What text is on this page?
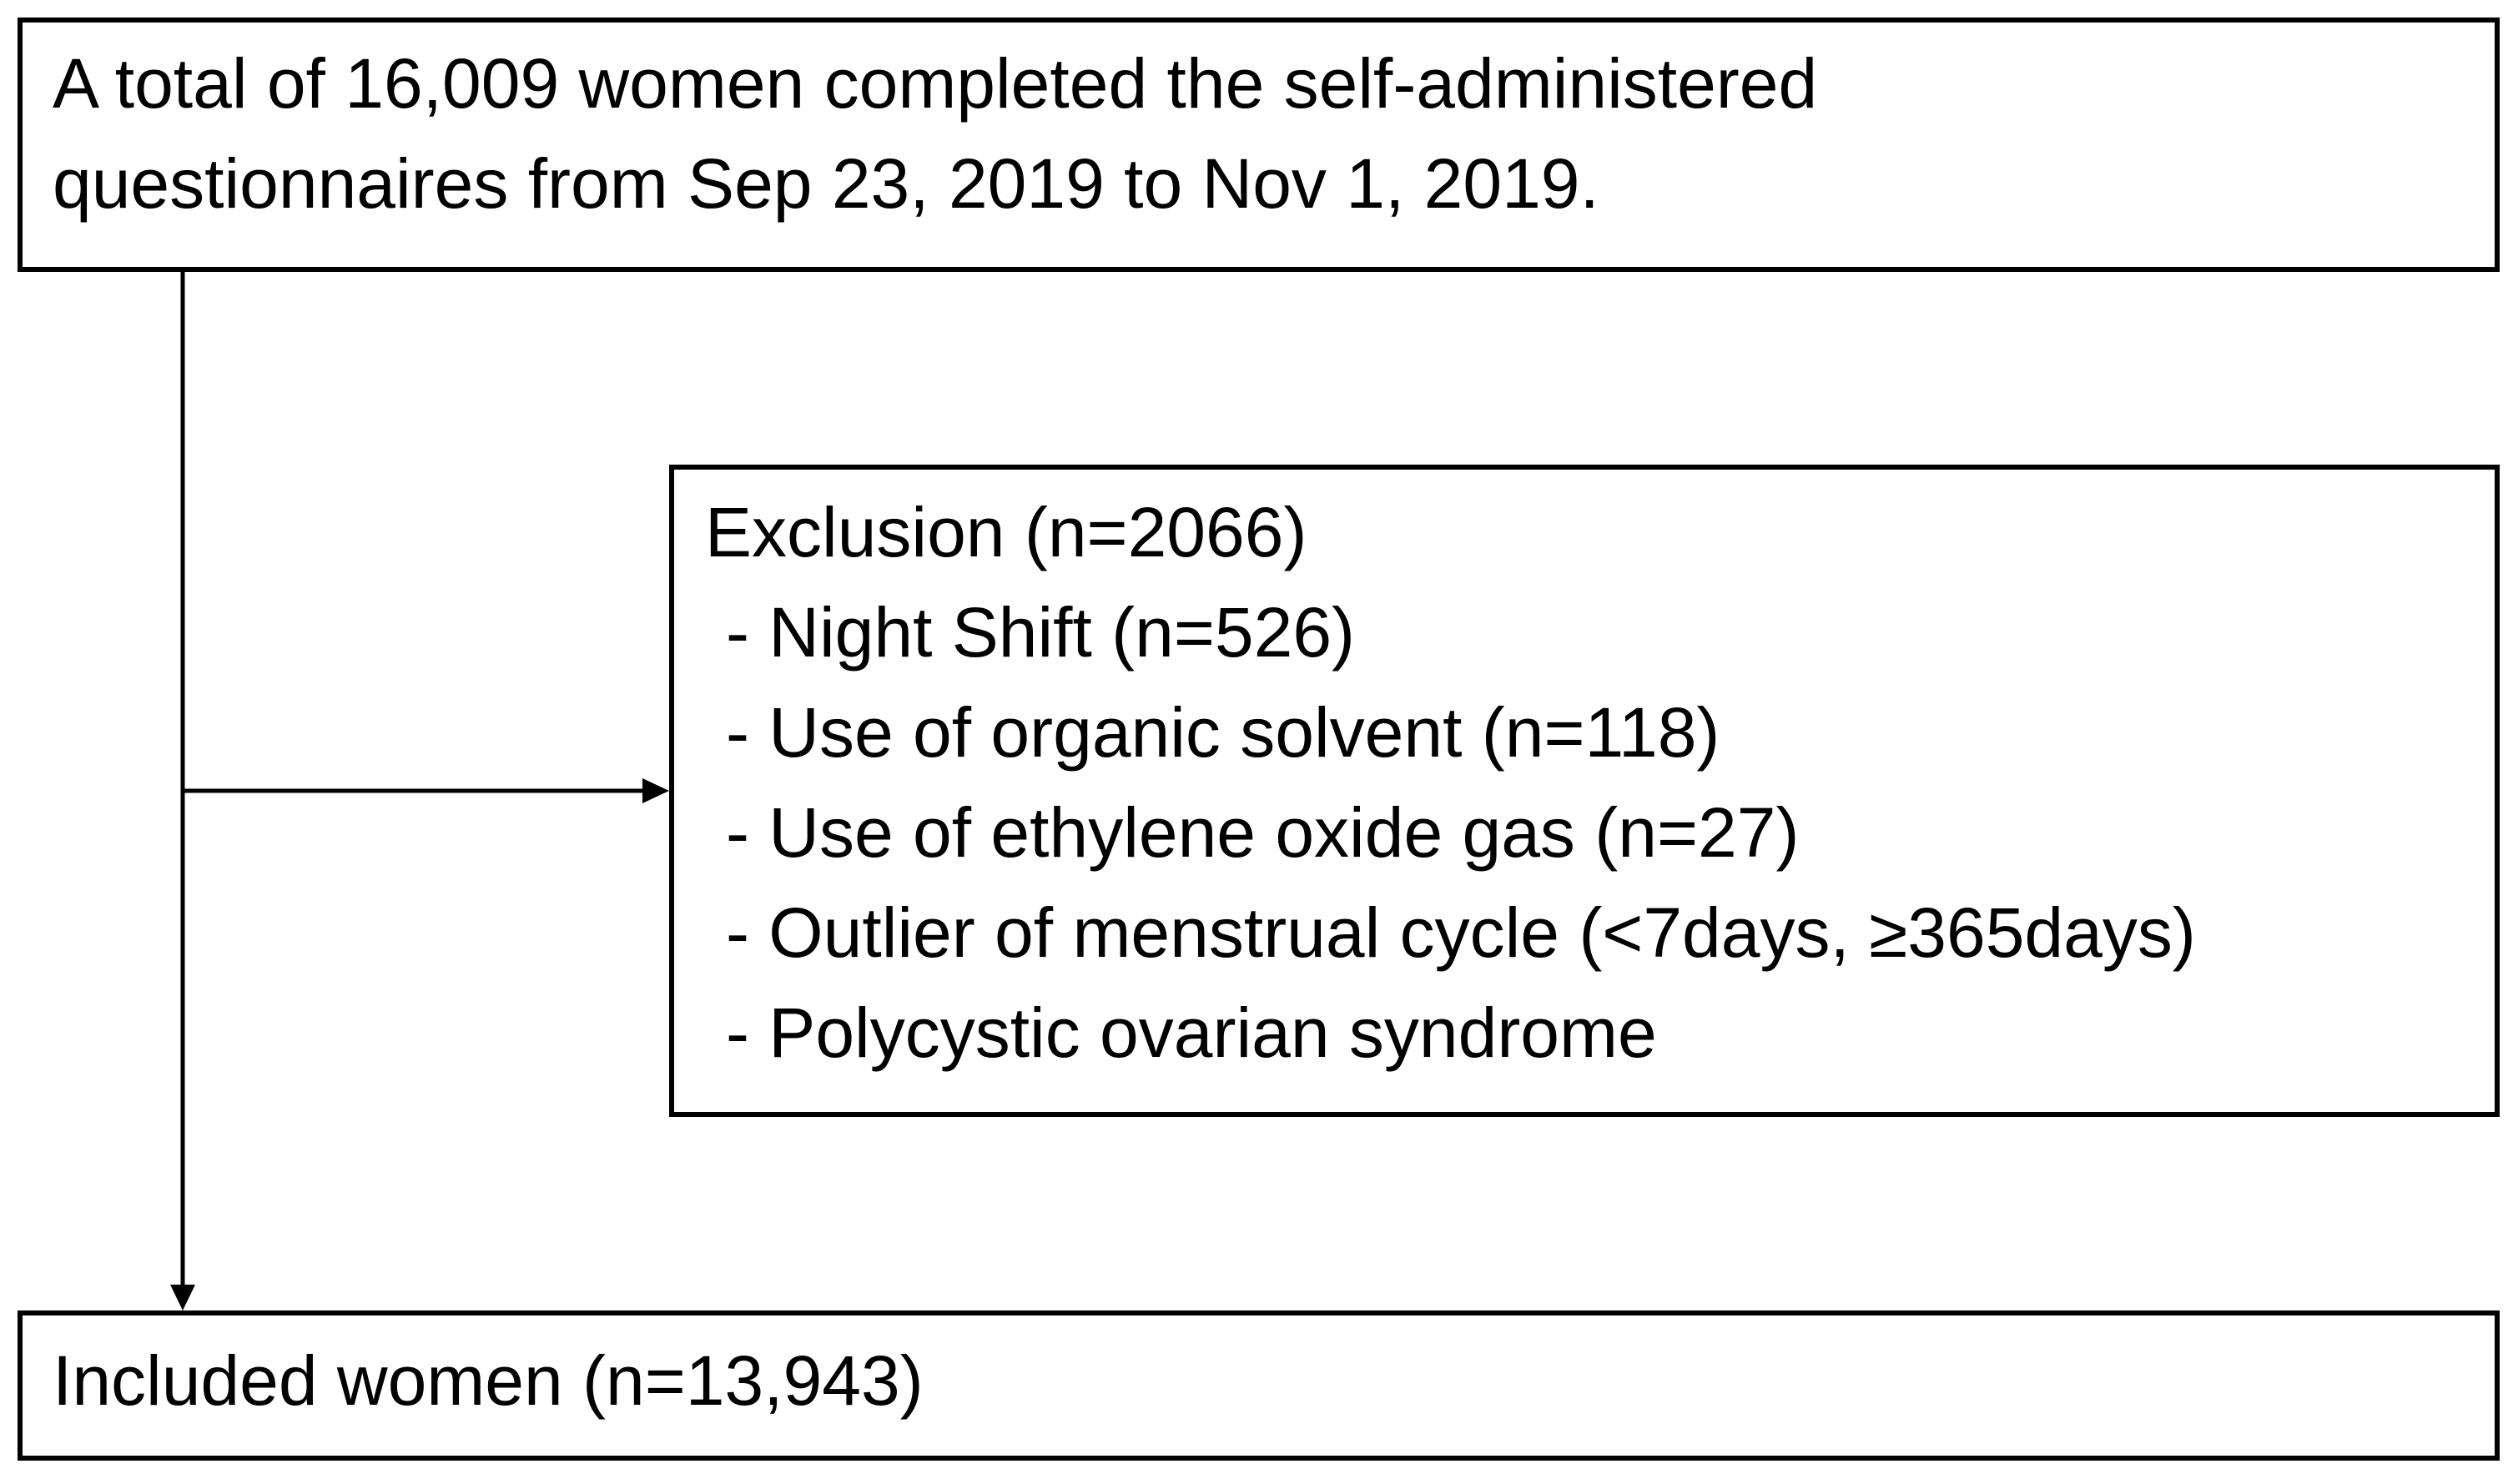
A total of 16,009 women completed the self-administered
questionnaires from Sep 23, 2019 to Nov 1, 2019.
Exclusion (n=2066)
- Night Shift (n=526)
- Use of organic solvent (n=118)
- Use of ethylene oxide gas (n=27)
- Outlier of menstrual cycle (<7days, ≥365days)
- Polycystic ovarian syndrome
Included women (n=13,943)
